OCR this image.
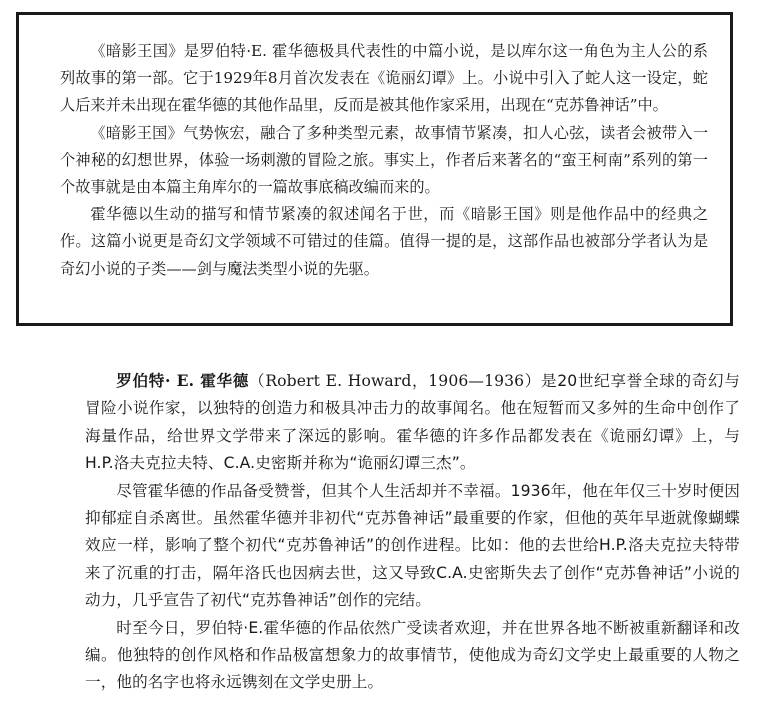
《暗影王国》是罗伯特·E. 霍华德极具代表性的中篇小说，是以库尔这一角色为主人公的系列故事的第一部。它于1929年8月首次发表在《诡丽幻谭》上。小说中引入了蛇人这一设定，蛇人后来并未出现在霍华德的其他作品里，反而是被其他作家采用，出现在“克苏鲁神话”中。

《暗影王国》气势恢宏，融合了多种类型元素，故事情节紧凑，扣人心弦，读者会被带入一个神秘的幻想世界，体验一场刺激的冒险之旅。事实上，作者后来著名的“蛮王柯南”系列的第一个故事就是由本篇主角库尔的一篇故事底稿改编而来的。

霍华德以生动的描写和情节紧凑的叙述闻名于世，而《暗影王国》则是他作品中的经典之作。这篇小说更是奇幻文学领域不可错过的佳篇。值得一提的是，这部作品也被部分学者认为是奇幻小说的子类——剑与魔法类型小说的先驱。

罗伯特· E. 霍华德（Robert E. Howard，1906—1936）是20世纪享誉全球的奇幻与冒险小说作家，以独特的创造力和极具冲击力的故事闻名。他在短暂而又多舛的生命中创作了海量作品，给世界文学带来了深远的影响。霍华德的许多作品都发表在《诡丽幻谭》上，与H.P.洛夫克拉夫特、C.A.史密斯并称为“诡丽幻谭三杰”。

尽管霍华德的作品备受赞誉，但其个人生活却并不幸福。1936年，他在年仅三十岁时便因抑郁症自杀离世。虽然霍华德并非初代“克苏鲁神话”最重要的作家，但他的英年早逝就像蝴蝶效应一样，影响了整个初代“克苏鲁神话”的创作进程。比如：他的去世给H.P.洛夫克拉夫特带来了沉重的打击，隔年洛氏也因病去世，这又导致C.A.史密斯失去了创作“克苏鲁神话”小说的动力，几乎宣告了初代“克苏鲁神话”创作的完结。

时至今日，罗伯特·E.霍华德的作品依然广受读者欢迎，并在世界各地不断被重新翻译和改编。他独特的创作风格和作品极富想象力的故事情节，使他成为奇幻文学史上最重要的人物之一，他的名字也将永远镌刻在文学史册上。
